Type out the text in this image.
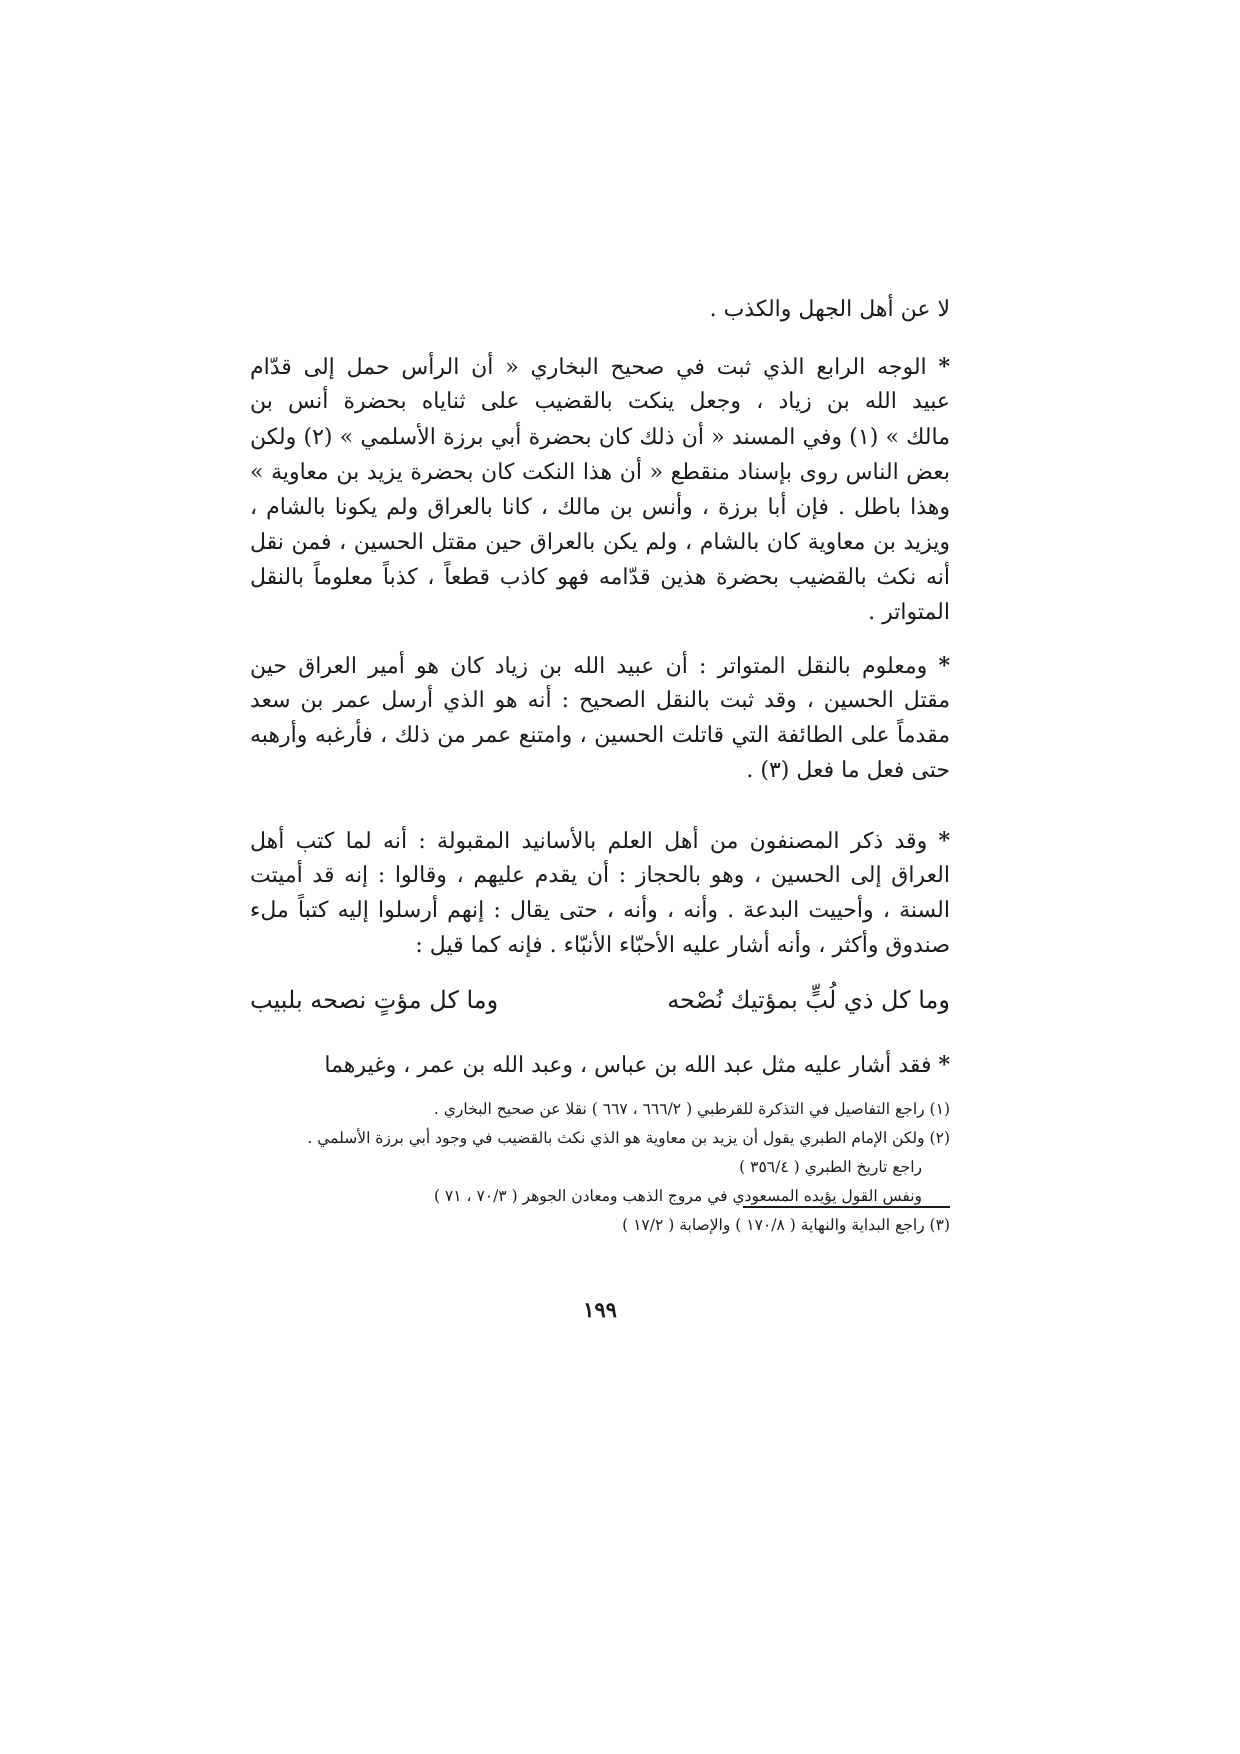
لا عن أهل الجهل والكذب .
* الوجه الرابع الذي ثبت في صحيح البخاري « أن الرأس حمل إلى قدّام
عبيد الله بن زياد ، وجعل ينكت بالقضيب على ثناياه بحضرة أنس بن
مالك » (١) وفي المسند « أن ذلك كان بحضرة أبي برزة الأسلمي » (٢) ولكن
بعض الناس روى بإسناد منقطع « أن هذا النكت كان بحضرة يزيد بن معاوية »
وهذا باطل . فإن أبا برزة ، وأنس بن مالك ، كانا بالعراق ولم يكونا بالشام ،
ويزيد بن معاوية كان بالشام ، ولم يكن بالعراق حين مقتل الحسين ، فمن نقل
أنه نكث بالقضيب بحضرة هذين قدّامه فهو كاذب قطعاً ، كذباً معلوماً بالنقل
المتواتر .
* ومعلوم بالنقل المتواتر : أن عبيد الله بن زياد كان هو أمير العراق حين
مقتل الحسين ، وقد ثبت بالنقل الصحيح : أنه هو الذي أرسل عمر بن سعد
مقدماً على الطائفة التي قاتلت الحسين ، وامتنع عمر من ذلك ، فأرغبه وأرهبه
حتى فعل ما فعل (٣) .
* وقد ذكر المصنفون من أهل العلم بالأسانيد المقبولة : أنه لما كتب أهل
العراق إلى الحسين ، وهو بالحجاز : أن يقدم عليهم ، وقالوا : إنه قد أميتت
السنة ، وأحييت البدعة . وأنه ، وأنه ، حتى يقال : إنهم أرسلوا إليه كتباً ملء
صندوق وأكثر ، وأنه أشار عليه الأحبّاء الأنبّاء . فإنه كما قيل :
وما كل ذي لُبٍّ بمؤتيك نُصْحه
وما كل مؤتٍ نصحه بلبيب
* فقد أشار عليه مثل عبد الله بن عباس ، وعبد الله بن عمر ، وغيرهما
(١) راجع التفاصيل في التذكرة للقرطبي ( ٦٦٦/٢ ، ٦٦٧ ) نقلا عن صحيح البخاري .
(٢) ولكن الإمام الطبري يقول أن يزيد بن معاوية هو الذي نكث بالقضيب في وجود أبي برزة الأسلمي .
راجع تاريخ الطبري ( ٣٥٦/٤ )
ونفس القول يؤيده المسعودي في مروج الذهب ومعادن الجوهر ( ٧٠/٣ ، ٧١ )
(٣) راجع البداية والنهاية ( ١٧٠/٨ ) والإصابة ( ١٧/٢ )
١٩٩
